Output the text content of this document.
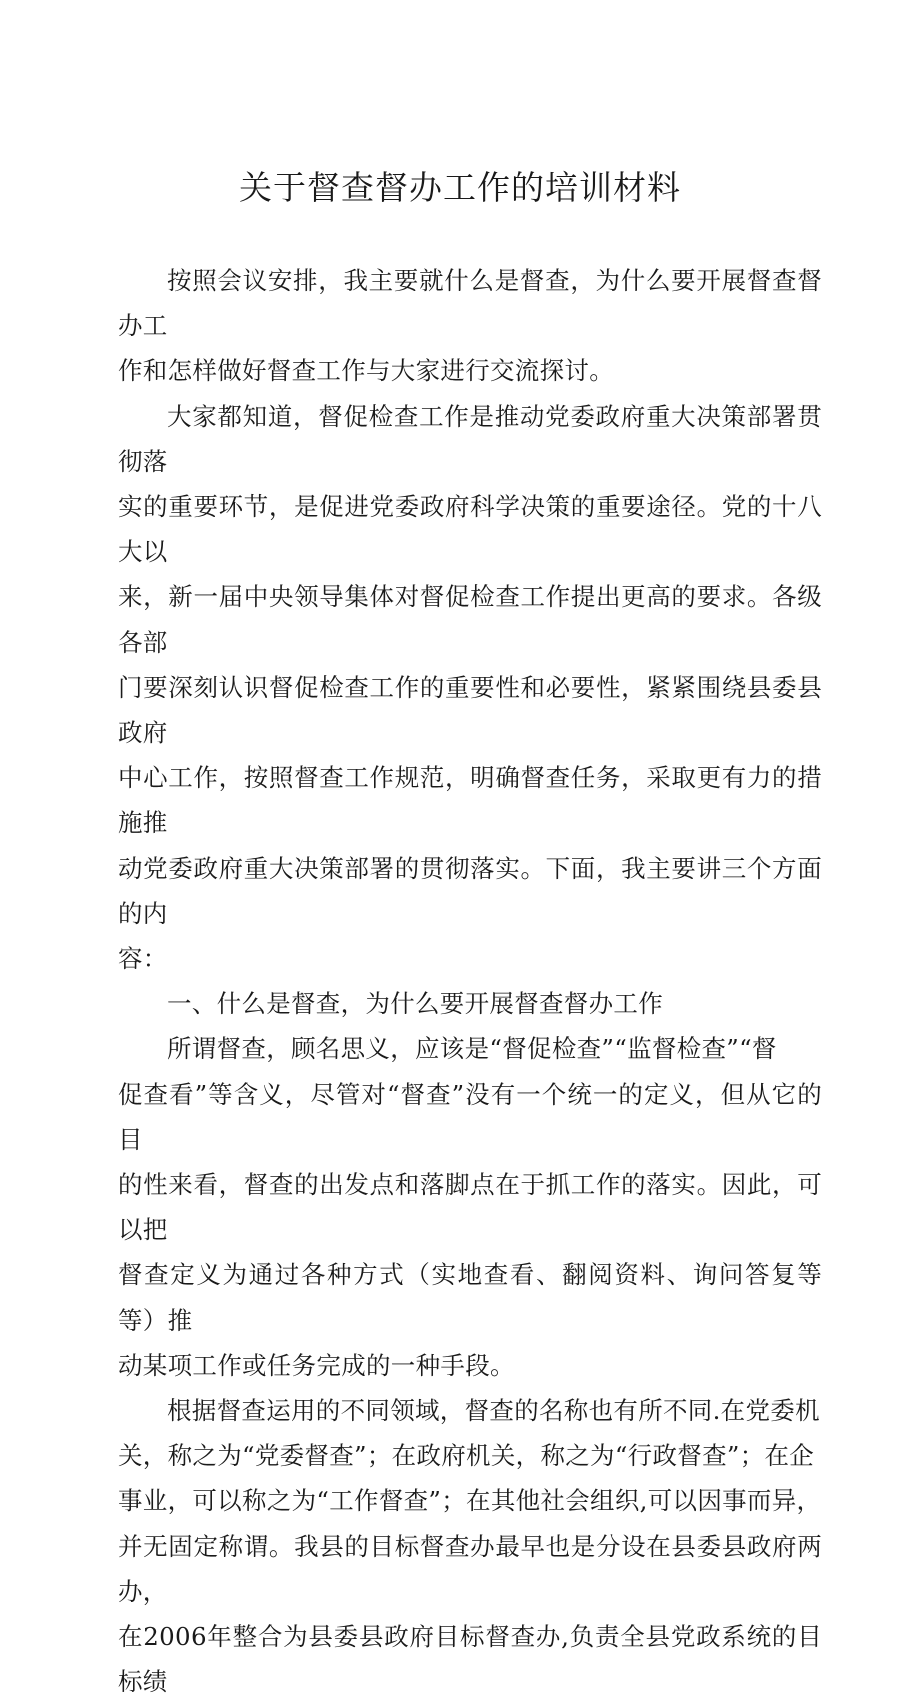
关于督查督办工作的培训材料

按照会议安排，我主要就什么是督查，为什么要开展督查督办工
作和怎样做好督查工作与大家进行交流探讨。

大家都知道，督促检查工作是推动党委政府重大决策部署贯彻落
实的重要环节，是促进党委政府科学决策的重要途径。党的十八大以
来，新一届中央领导集体对督促检查工作提出更高的要求。各级各部
门要深刻认识督促检查工作的重要性和必要性，紧紧围绕县委县政府
中心工作，按照督查工作规范，明确督查任务，采取更有力的措施推
动党委政府重大决策部署的贯彻落实。下面，我主要讲三个方面的内
容：

一、什么是督查，为什么要开展督查督办工作

所谓督查，顾名思义，应该是“督促检查”“监督检查”“督
促查看”等含义，尽管对“督查”没有一个统一的定义，但从它的目
的性来看，督查的出发点和落脚点在于抓工作的落实。因此，可以把
督查定义为通过各种方式（实地查看、翻阅资料、询问答复等等）推
动某项工作或任务完成的一种手段。

根据督查运用的不同领域，督查的名称也有所不同.在党委机
关，称之为“党委督查”；在政府机关，称之为“行政督查”；在企
事业，可以称之为“工作督查”；在其他社会组织,可以因事而异，
并无固定称谓。我县的目标督查办最早也是分设在县委县政府两办，
在2006年整合为县委县政府目标督查办,负责全县党政系统的目标绩
